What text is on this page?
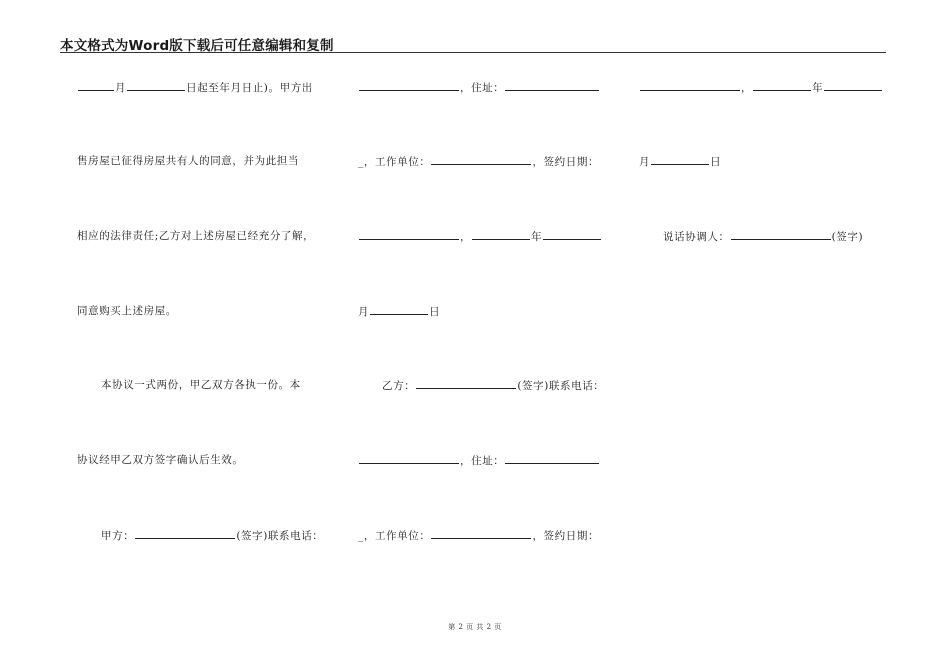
本文格式为Word版下载后可任意编辑和复制
月	日起至年月日止)。甲方出
售房屋已征得房屋共有人的同意，并为此担当
相应的法律责任;乙方对上述房屋已经充分了解，
同意购买上述房屋。
本协议一式两份，甲乙双方各执一份。本
协议经甲乙双方签字确认后生效。
甲方：	(签字)联系电话：
，住址：
_，工作单位：	，签约日期：
，	年
月	日
乙方：	(签字)联系电话：
，住址：
_，工作单位：	，签约日期：
，	年
月	日
说话协调人：	(签字)
第 2 页 共 2 页
